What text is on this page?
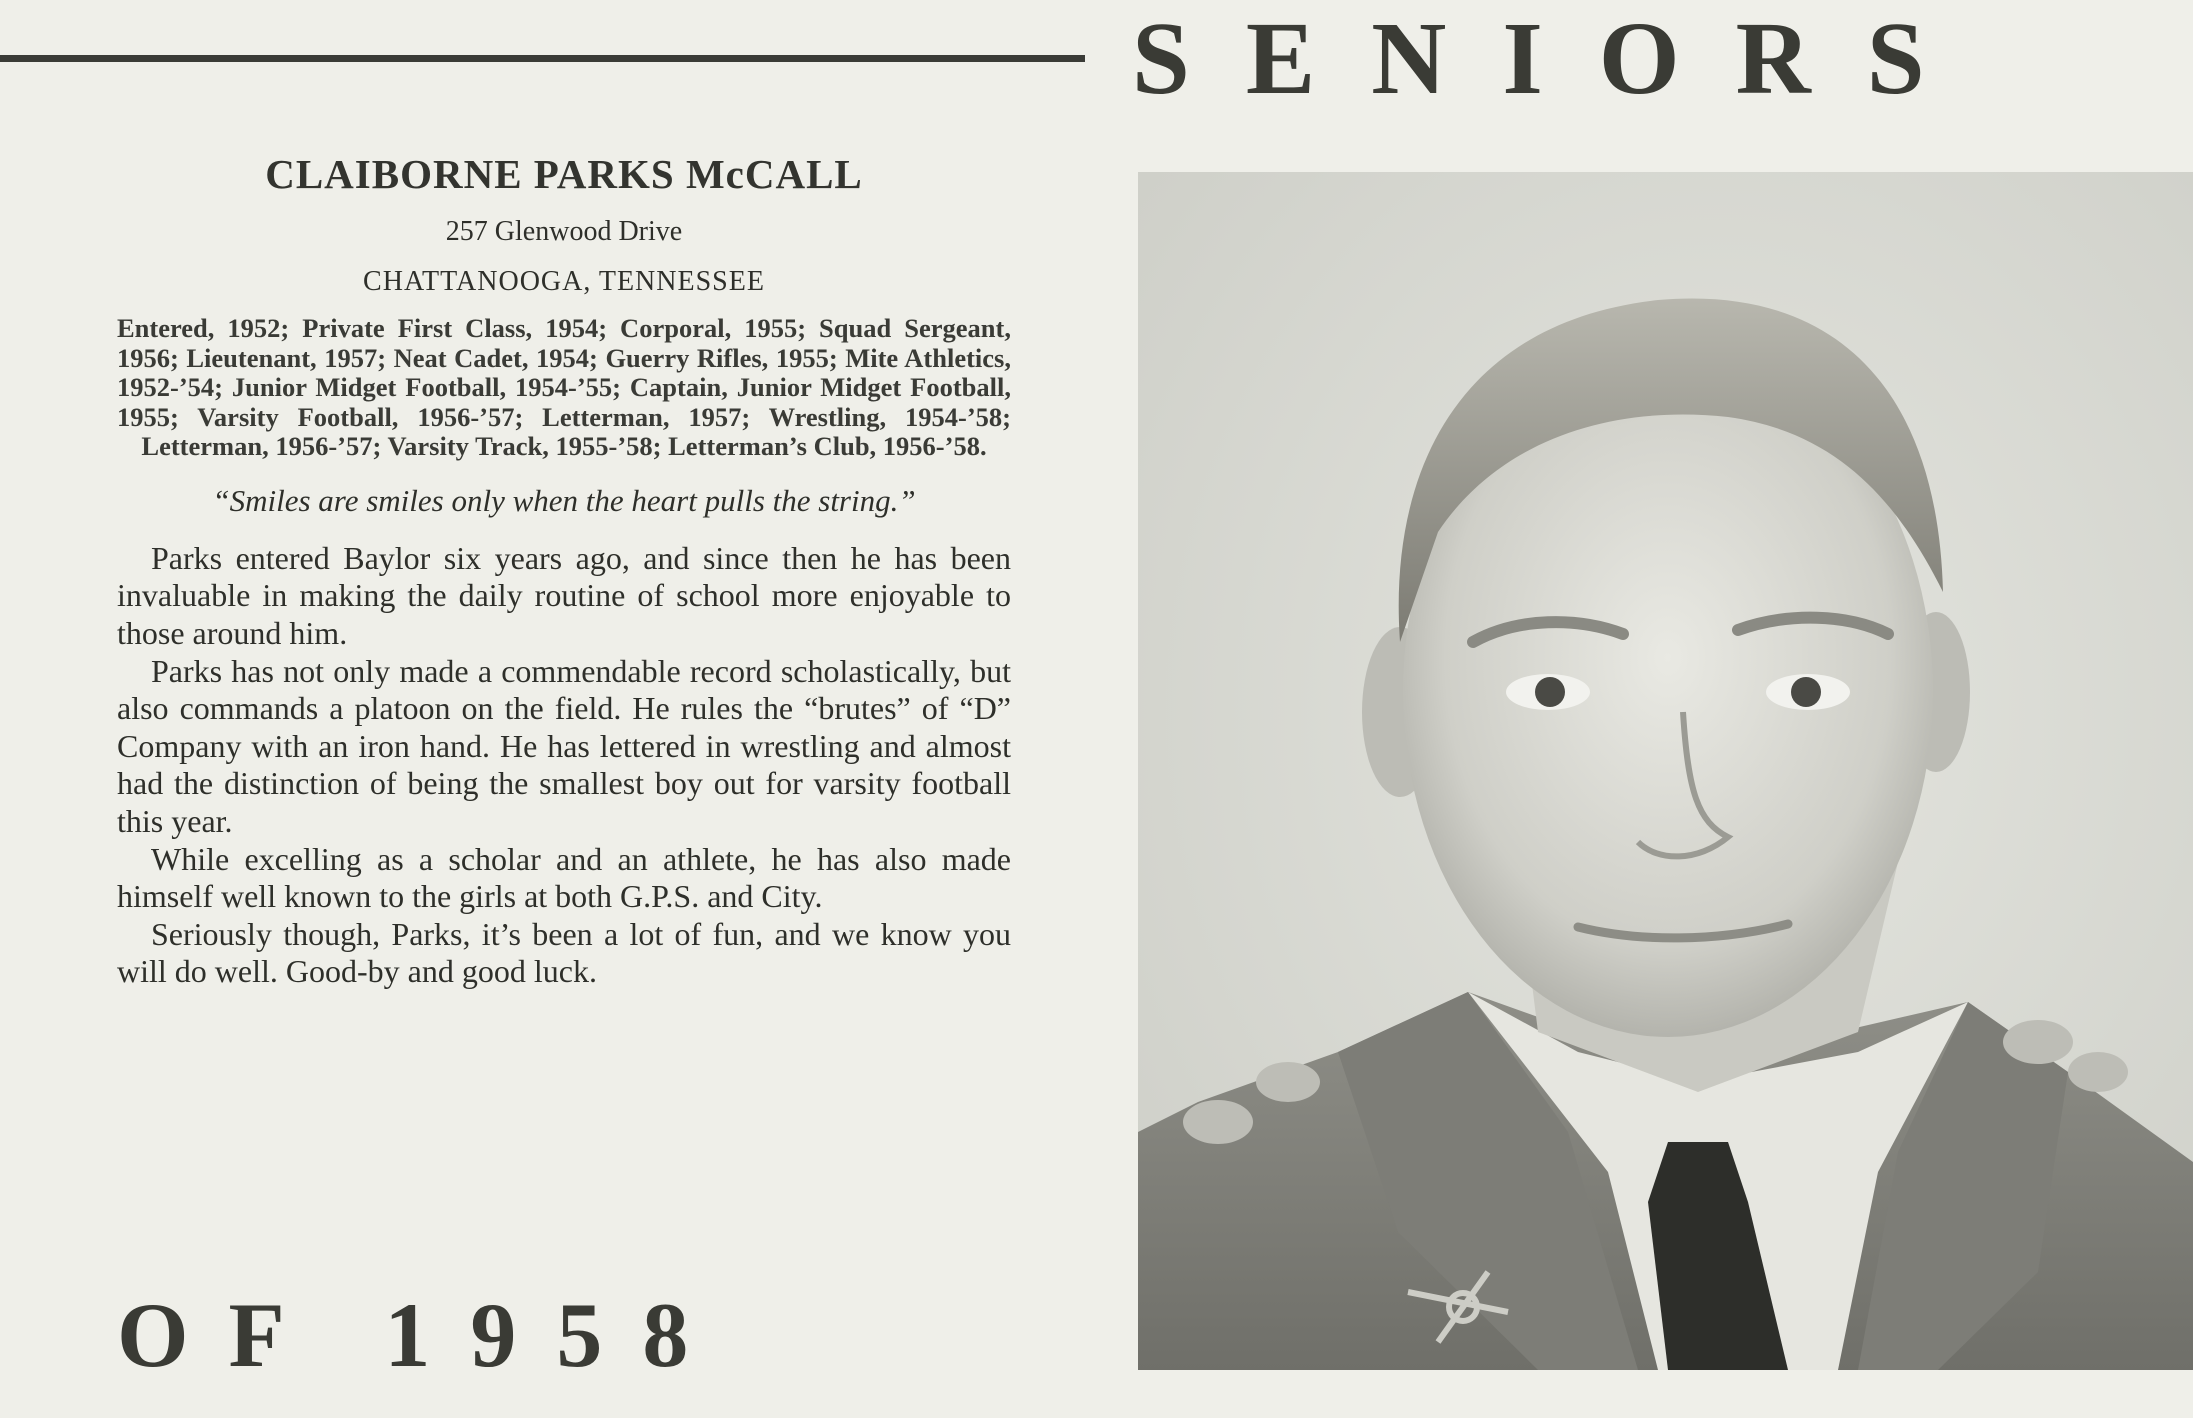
SENIORS
CLAIBORNE PARKS McCALL
257 Glenwood Drive
CHATTANOOGA, TENNESSEE
Entered, 1952; Private First Class, 1954; Corporal, 1955; Squad Sergeant, 1956; Lieutenant, 1957; Neat Cadet, 1954; Guerry Rifles, 1955; Mite Athletics, 1952-’54; Junior Midget Football, 1954-’55; Captain, Junior Midget Football, 1955; Varsity Football, 1956-’57; Letterman, 1957; Wrestling, 1954-’58; Letterman, 1956-’57; Varsity Track, 1955-’58; Letterman’s Club, 1956-’58.
“Smiles are smiles only when the heart pulls the string.”

Parks entered Baylor six years ago, and since then he has been invaluable in making the daily routine of school more enjoyable to those around him.

Parks has not only made a commendable record scholastically, but also commands a platoon on the field. He rules the “brutes” of “D” Company with an iron hand. He has lettered in wrestling and almost had the distinction of being the smallest boy out for varsity football this year.

While excelling as a scholar and an athlete, he has also made himself well known to the girls at both G.P.S. and City.

Seriously though, Parks, it’s been a lot of fun, and we know you will do well. Good-by and good luck.

OF 1958
